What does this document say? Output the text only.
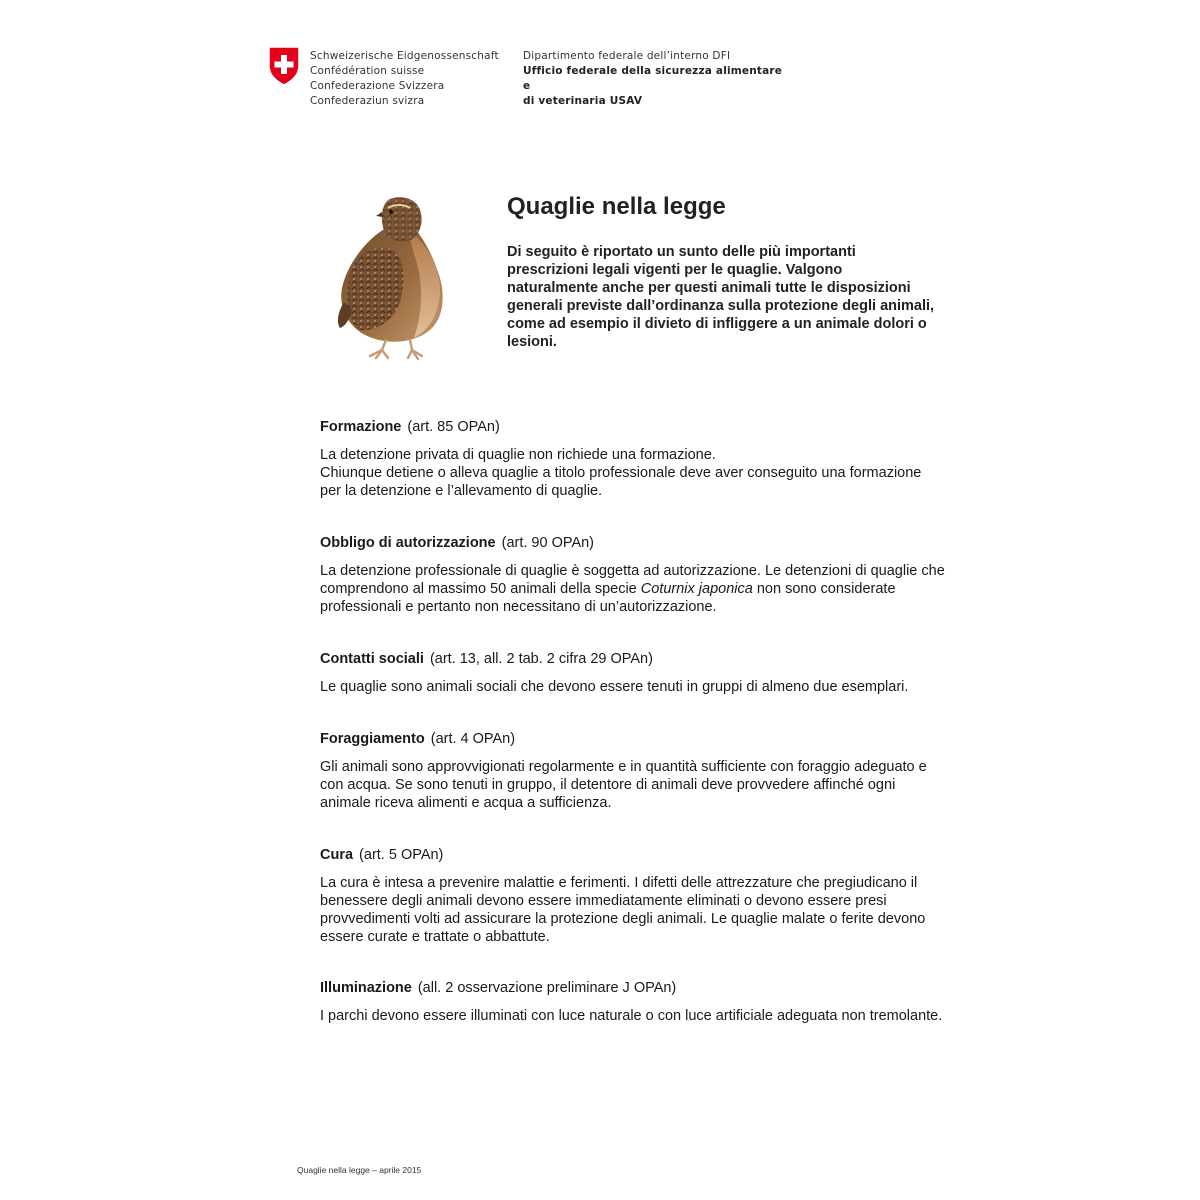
Schweizerische Eidgenossenschaft
Confédération suisse
Confederazione Svizzera
Confederaziun svizra
Dipartimento federale dell’interno DFI
Ufficio federale della sicurezza alimentare e
di veterinaria USAV
Quaglie nella legge

Di seguito è riportato un sunto delle più importanti prescrizioni legali vigenti per le quaglie. Valgono naturalmente anche per questi animali tutte le disposizioni generali previste dall’ordinanza sulla protezione degli animali, come ad esempio il divieto di infliggere a un animale dolori o lesioni.

Formazione (art. 85 OPAn)

La detenzione privata di quaglie non richiede una formazione.

Chiunque detiene o alleva quaglie a titolo professionale deve aver conseguito una formazione per la detenzione e l’allevamento di quaglie.

Obbligo di autorizzazione (art. 90 OPAn)

La detenzione professionale di quaglie è soggetta ad autorizzazione. Le detenzioni di quaglie che comprendono al massimo 50 animali della specie Coturnix japonica non sono considerate professionali e pertanto non necessitano di un’autorizzazione.

Contatti sociali (art. 13, all. 2 tab. 2 cifra 29 OPAn)

Le quaglie sono animali sociali che devono essere tenuti in gruppi di almeno due esemplari.

Foraggiamento (art. 4 OPAn)

Gli animali sono approvvigionati regolarmente e in quantità sufficiente con foraggio adeguato e con acqua. Se sono tenuti in gruppo, il detentore di animali deve provvedere affinché ogni animale riceva alimenti e acqua a sufficienza.

Cura (art. 5 OPAn)

La cura è intesa a prevenire malattie e ferimenti. I difetti delle attrezzature che pregiudicano il benessere degli animali devono essere immediatamente eliminati o devono essere presi provvedimenti volti ad assicurare la protezione degli animali. Le quaglie malate o ferite devono essere curate e trattate o abbattute.

Illuminazione (all. 2 osservazione preliminare J OPAn)

I parchi devono essere illuminati con luce naturale o con luce artificiale adeguata non tremolante.

Quaglie nella legge – aprile 2015
